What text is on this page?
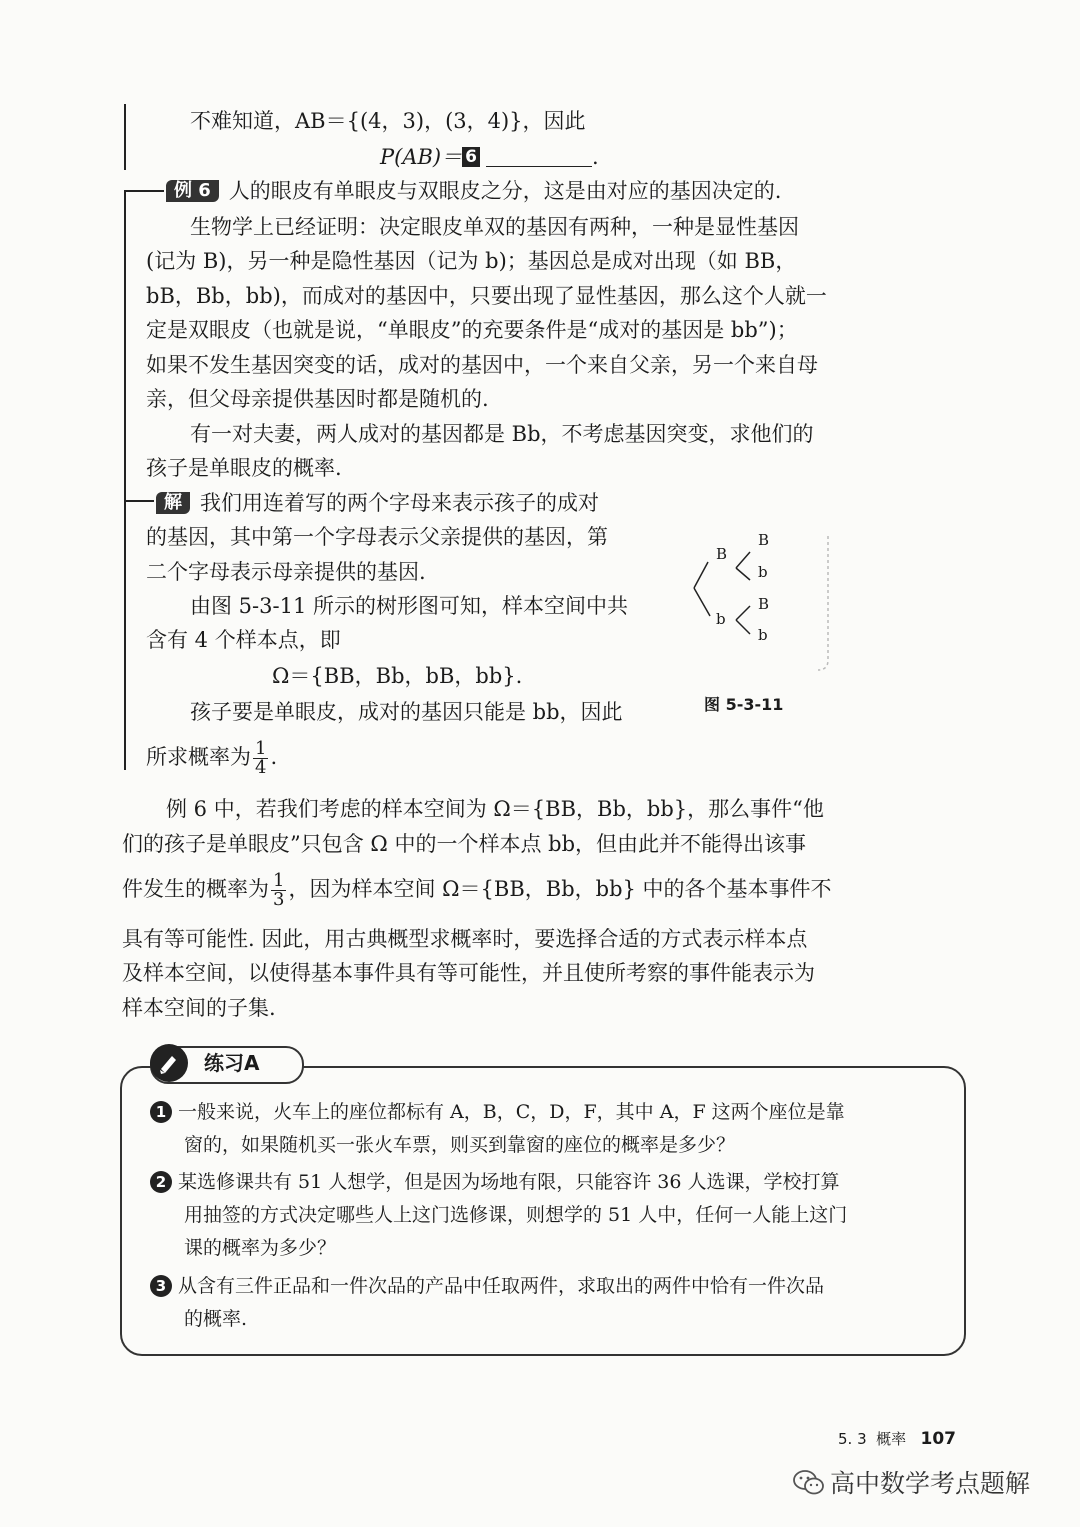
不难知道，AB＝{(4，3)，(3，4)}，因此
P(AB)＝ 6	.
例 6 人的眼皮有单眼皮与双眼皮之分，这是由对应的基因决定的.
生物学上已经证明：决定眼皮单双的基因有两种，一种是显性基因
(记为 B)，另一种是隐性基因（记为 b)；基因总是成对出现（如 BB，
bB，Bb，bb)，而成对的基因中，只要出现了显性基因，那么这个人就一
定是双眼皮（也就是说，“单眼皮”的充要条件是“成对的基因是 bb”)；
如果不发生基因突变的话，成对的基因中，一个来自父亲，另一个来自母
亲，但父母亲提供基因时都是随机的.
有一对夫妻，两人成对的基因都是 Bb，不考虑基因突变，求他们的
孩子是单眼皮的概率.
解 我们用连着写的两个字母来表示孩子的成对
的基因，其中第一个字母表示父亲提供的基因，第
二个字母表示母亲提供的基因.
由图 5-3-11 所示的树形图可知，样本空间中共
含有 4 个样本点，即
Ω＝{BB，Bb，bB，bb}.
孩子要是单眼皮，成对的基因只能是 bb，因此
所求概率为 $\frac{1}{4}$ .
B
b
B
b
B
b
图 5-3-11
例 6 中，若我们考虑的样本空间为 Ω＝{BB，Bb，bb}，那么事件“他
们的孩子是单眼皮”只包含 Ω 中的一个样本点 bb，但由此并不能得出该事
件发生的概率为 $\frac{1}{3}$ ，因为样本空间 Ω＝{BB，Bb，bb} 中的各个基本事件不
具有等可能性. 因此，用古典概型求概率时，要选择合适的方式表示样本点
及样本空间，以使得基本事件具有等可能性，并且使所考察的事件能表示为
样本空间的子集.
练习A
1 一般来说，火车上的座位都标有 A，B，C，D，F，其中 A，F 这两个座位是靠
窗的，如果随机买一张火车票，则买到靠窗的座位的概率是多少？
2 某选修课共有 51 人想学，但是因为场地有限，只能容许 36 人选课，学校打算
用抽签的方式决定哪些人上这门选修课，则想学的 51 人中，任何一人能上这门
课的概率为多少？
3 从含有三件正品和一件次品的产品中任取两件，求取出的两件中恰有一件次品
的概率.
5. 3 概率 107
高中数学考点题解
